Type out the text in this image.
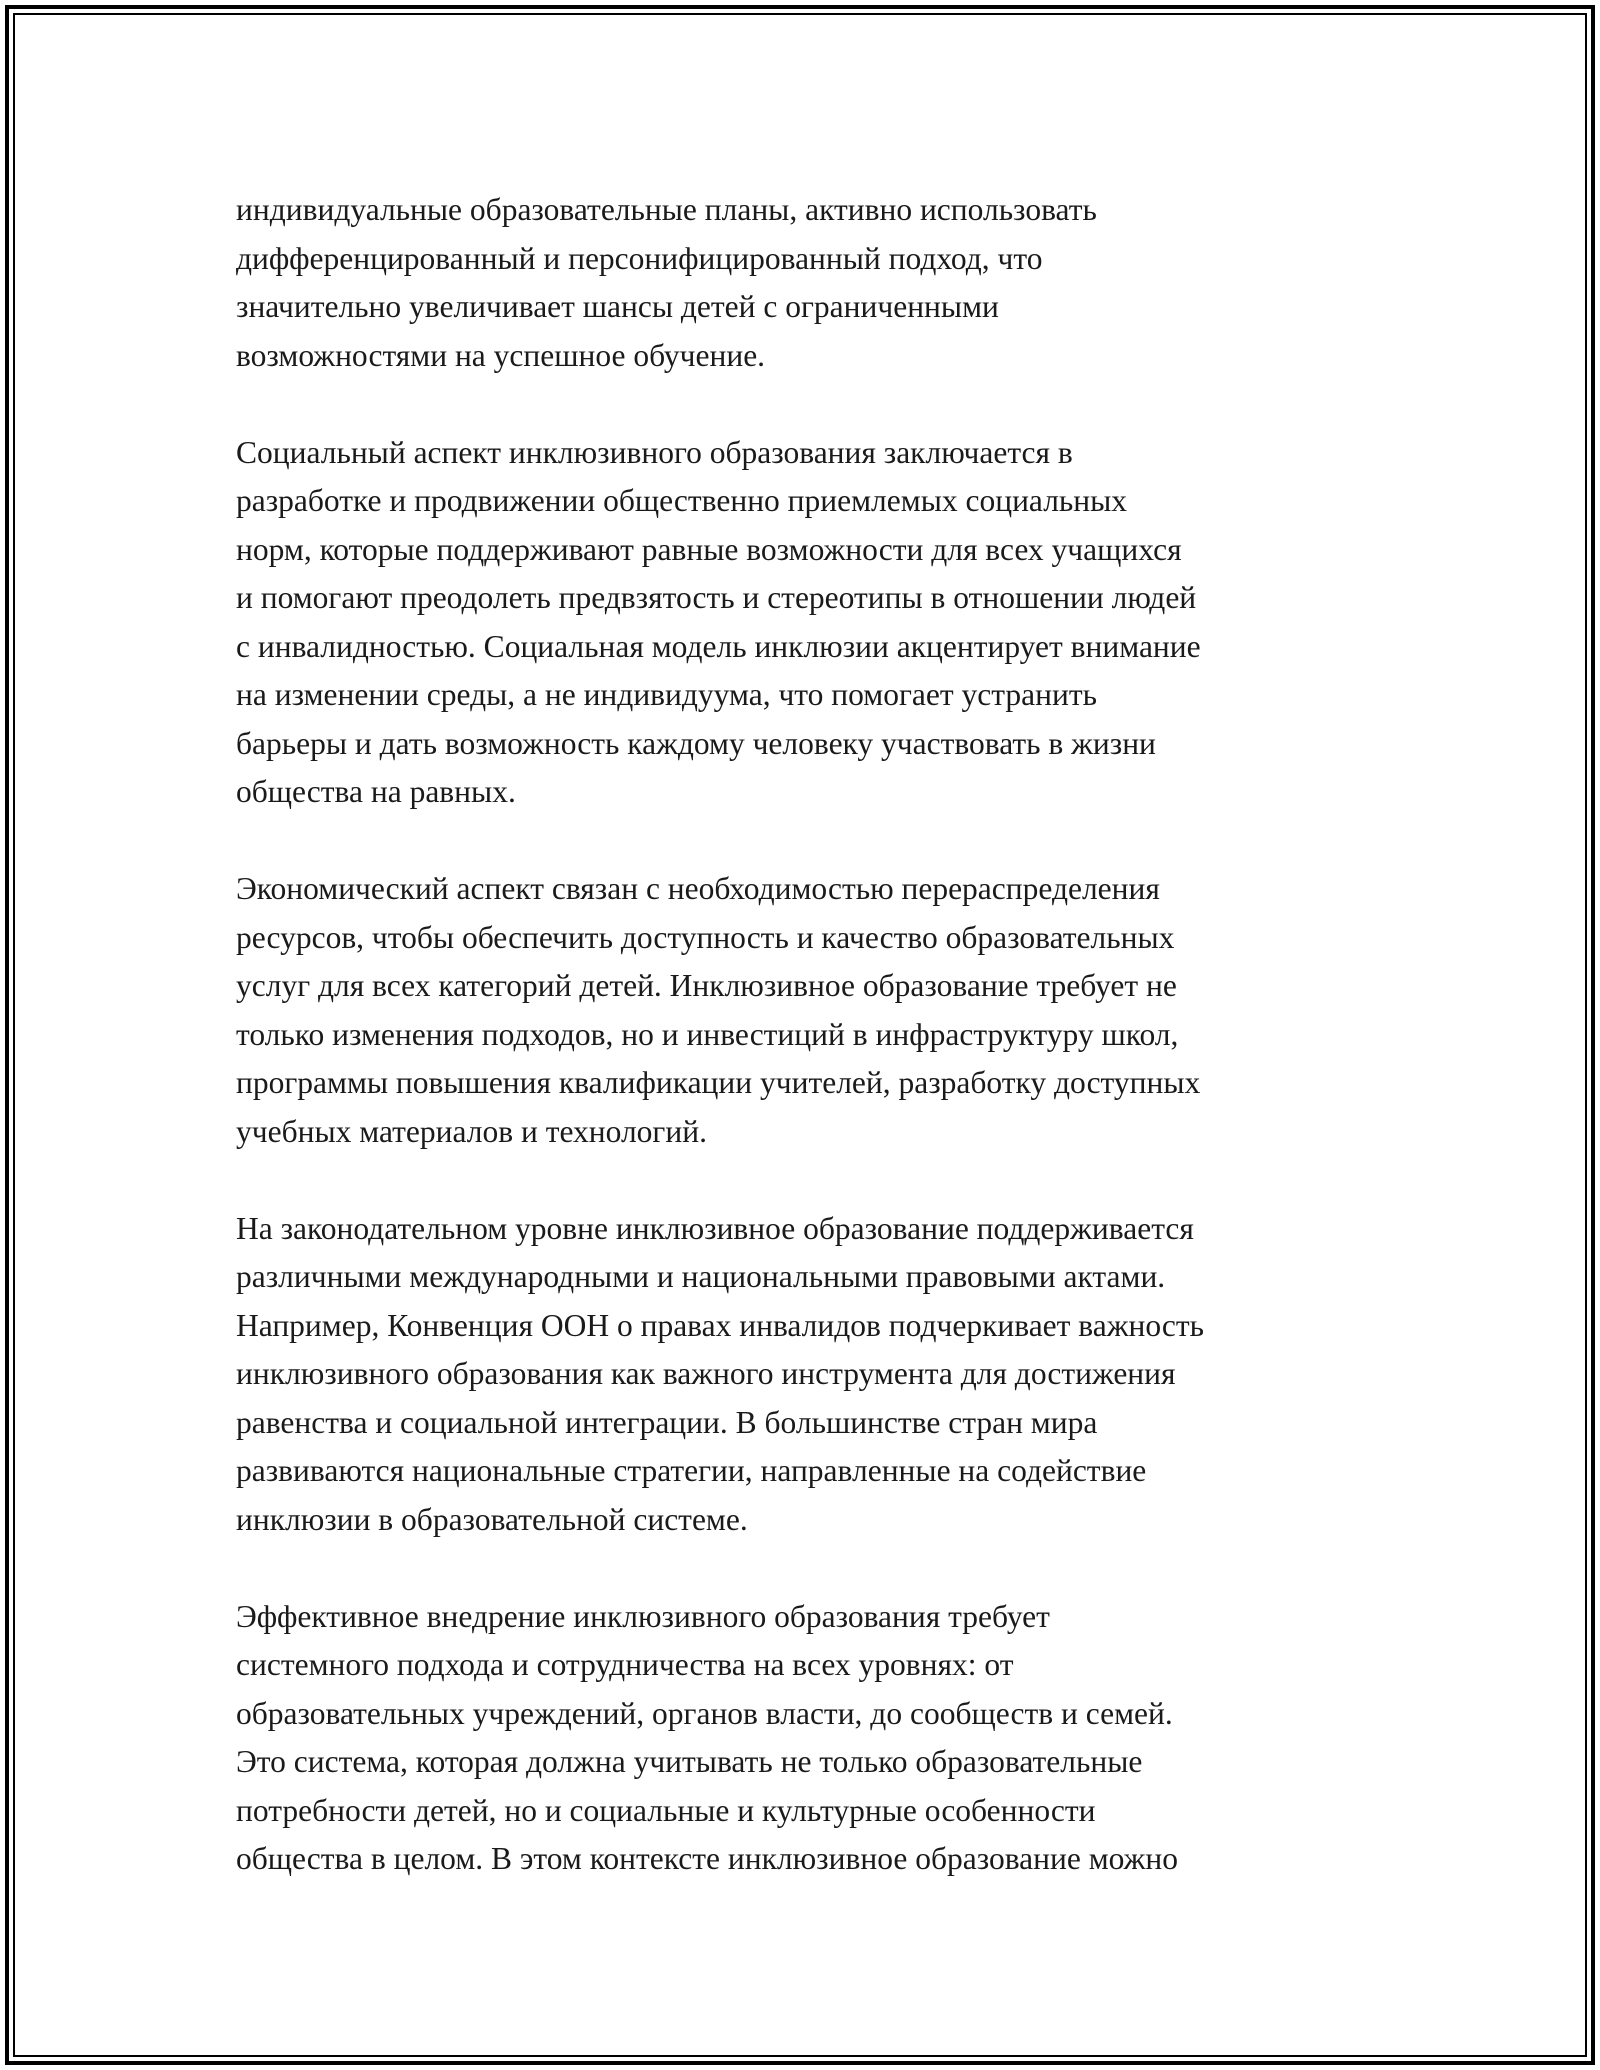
индивидуальные образовательные планы, активно использовать
дифференцированный и персонифицированный подход, что
значительно увеличивает шансы детей с ограниченными
возможностями на успешное обучение.

Социальный аспект инклюзивного образования заключается в
разработке и продвижении общественно приемлемых социальных
норм, которые поддерживают равные возможности для всех учащихся
и помогают преодолеть предвзятость и стереотипы в отношении людей
с инвалидностью. Социальная модель инклюзии акцентирует внимание
на изменении среды, а не индивидуума, что помогает устранить
барьеры и дать возможность каждому человеку участвовать в жизни
общества на равных.

Экономический аспект связан с необходимостью перераспределения
ресурсов, чтобы обеспечить доступность и качество образовательных
услуг для всех категорий детей. Инклюзивное образование требует не
только изменения подходов, но и инвестиций в инфраструктуру школ,
программы повышения квалификации учителей, разработку доступных
учебных материалов и технологий.

На законодательном уровне инклюзивное образование поддерживается
различными международными и национальными правовыми актами.
Например, Конвенция ООН о правах инвалидов подчеркивает важность
инклюзивного образования как важного инструмента для достижения
равенства и социальной интеграции. В большинстве стран мира
развиваются национальные стратегии, направленные на содействие
инклюзии в образовательной системе.

Эффективное внедрение инклюзивного образования требует
системного подхода и сотрудничества на всех уровнях: от
образовательных учреждений, органов власти, до сообществ и семей.
Это система, которая должна учитывать не только образовательные
потребности детей, но и социальные и культурные особенности
общества в целом. В этом контексте инклюзивное образование можно
